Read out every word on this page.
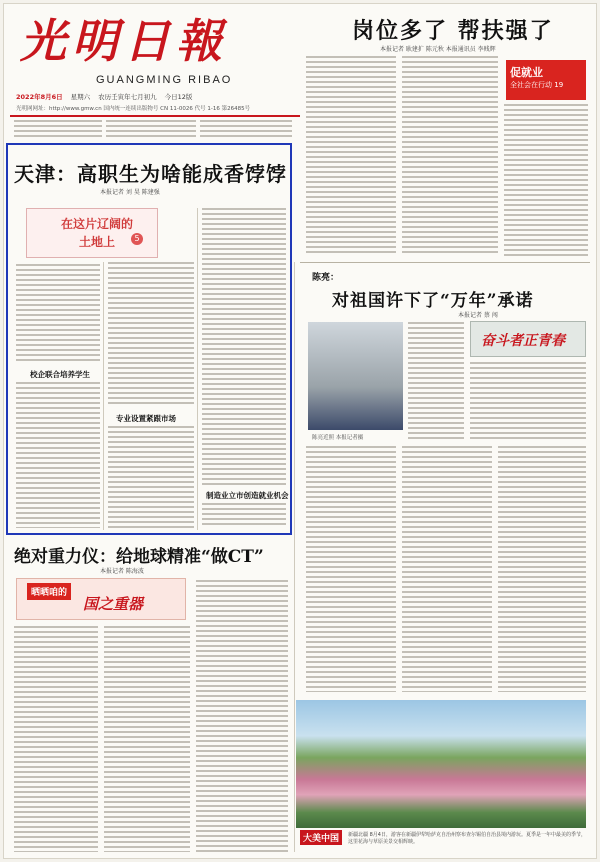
光明日報
GUANGMING RIBAO
2022年8月6日 星期六 农历壬寅年七月初九 今日12版
光明网网址：http://www.gmw.cn 国内统一连续出版物号 CN 11-0026 代号 1-16 第26485号
岗位多了 帮扶强了
本报记者 耿建扩 陈元秋 本报通讯员 李贱辉
促就业
全社会在行动 19
天津：高职生为啥能成香饽饽
本报记者 刘 昊 陈建强
在这片辽阔的
土地上	5
校企联合培养学生
专业设置紧跟市场
制造业立市创造就业机会
陈亮：
对祖国许下了“万年”承诺
本报记者 蔡 闯
陈亮近照 本报记者摄
奋斗者正青春
绝对重力仪：给地球精准“做CT”
本报记者 陈海波
晒晒咱的
国之重器
大美中国	新疆北疆 8月4日，游客在新疆伊犁哈萨克自治州察布查尔锡伯自治县境内游玩。夏季是一年中最美的季节，这里花海与草原美景交相辉映。
